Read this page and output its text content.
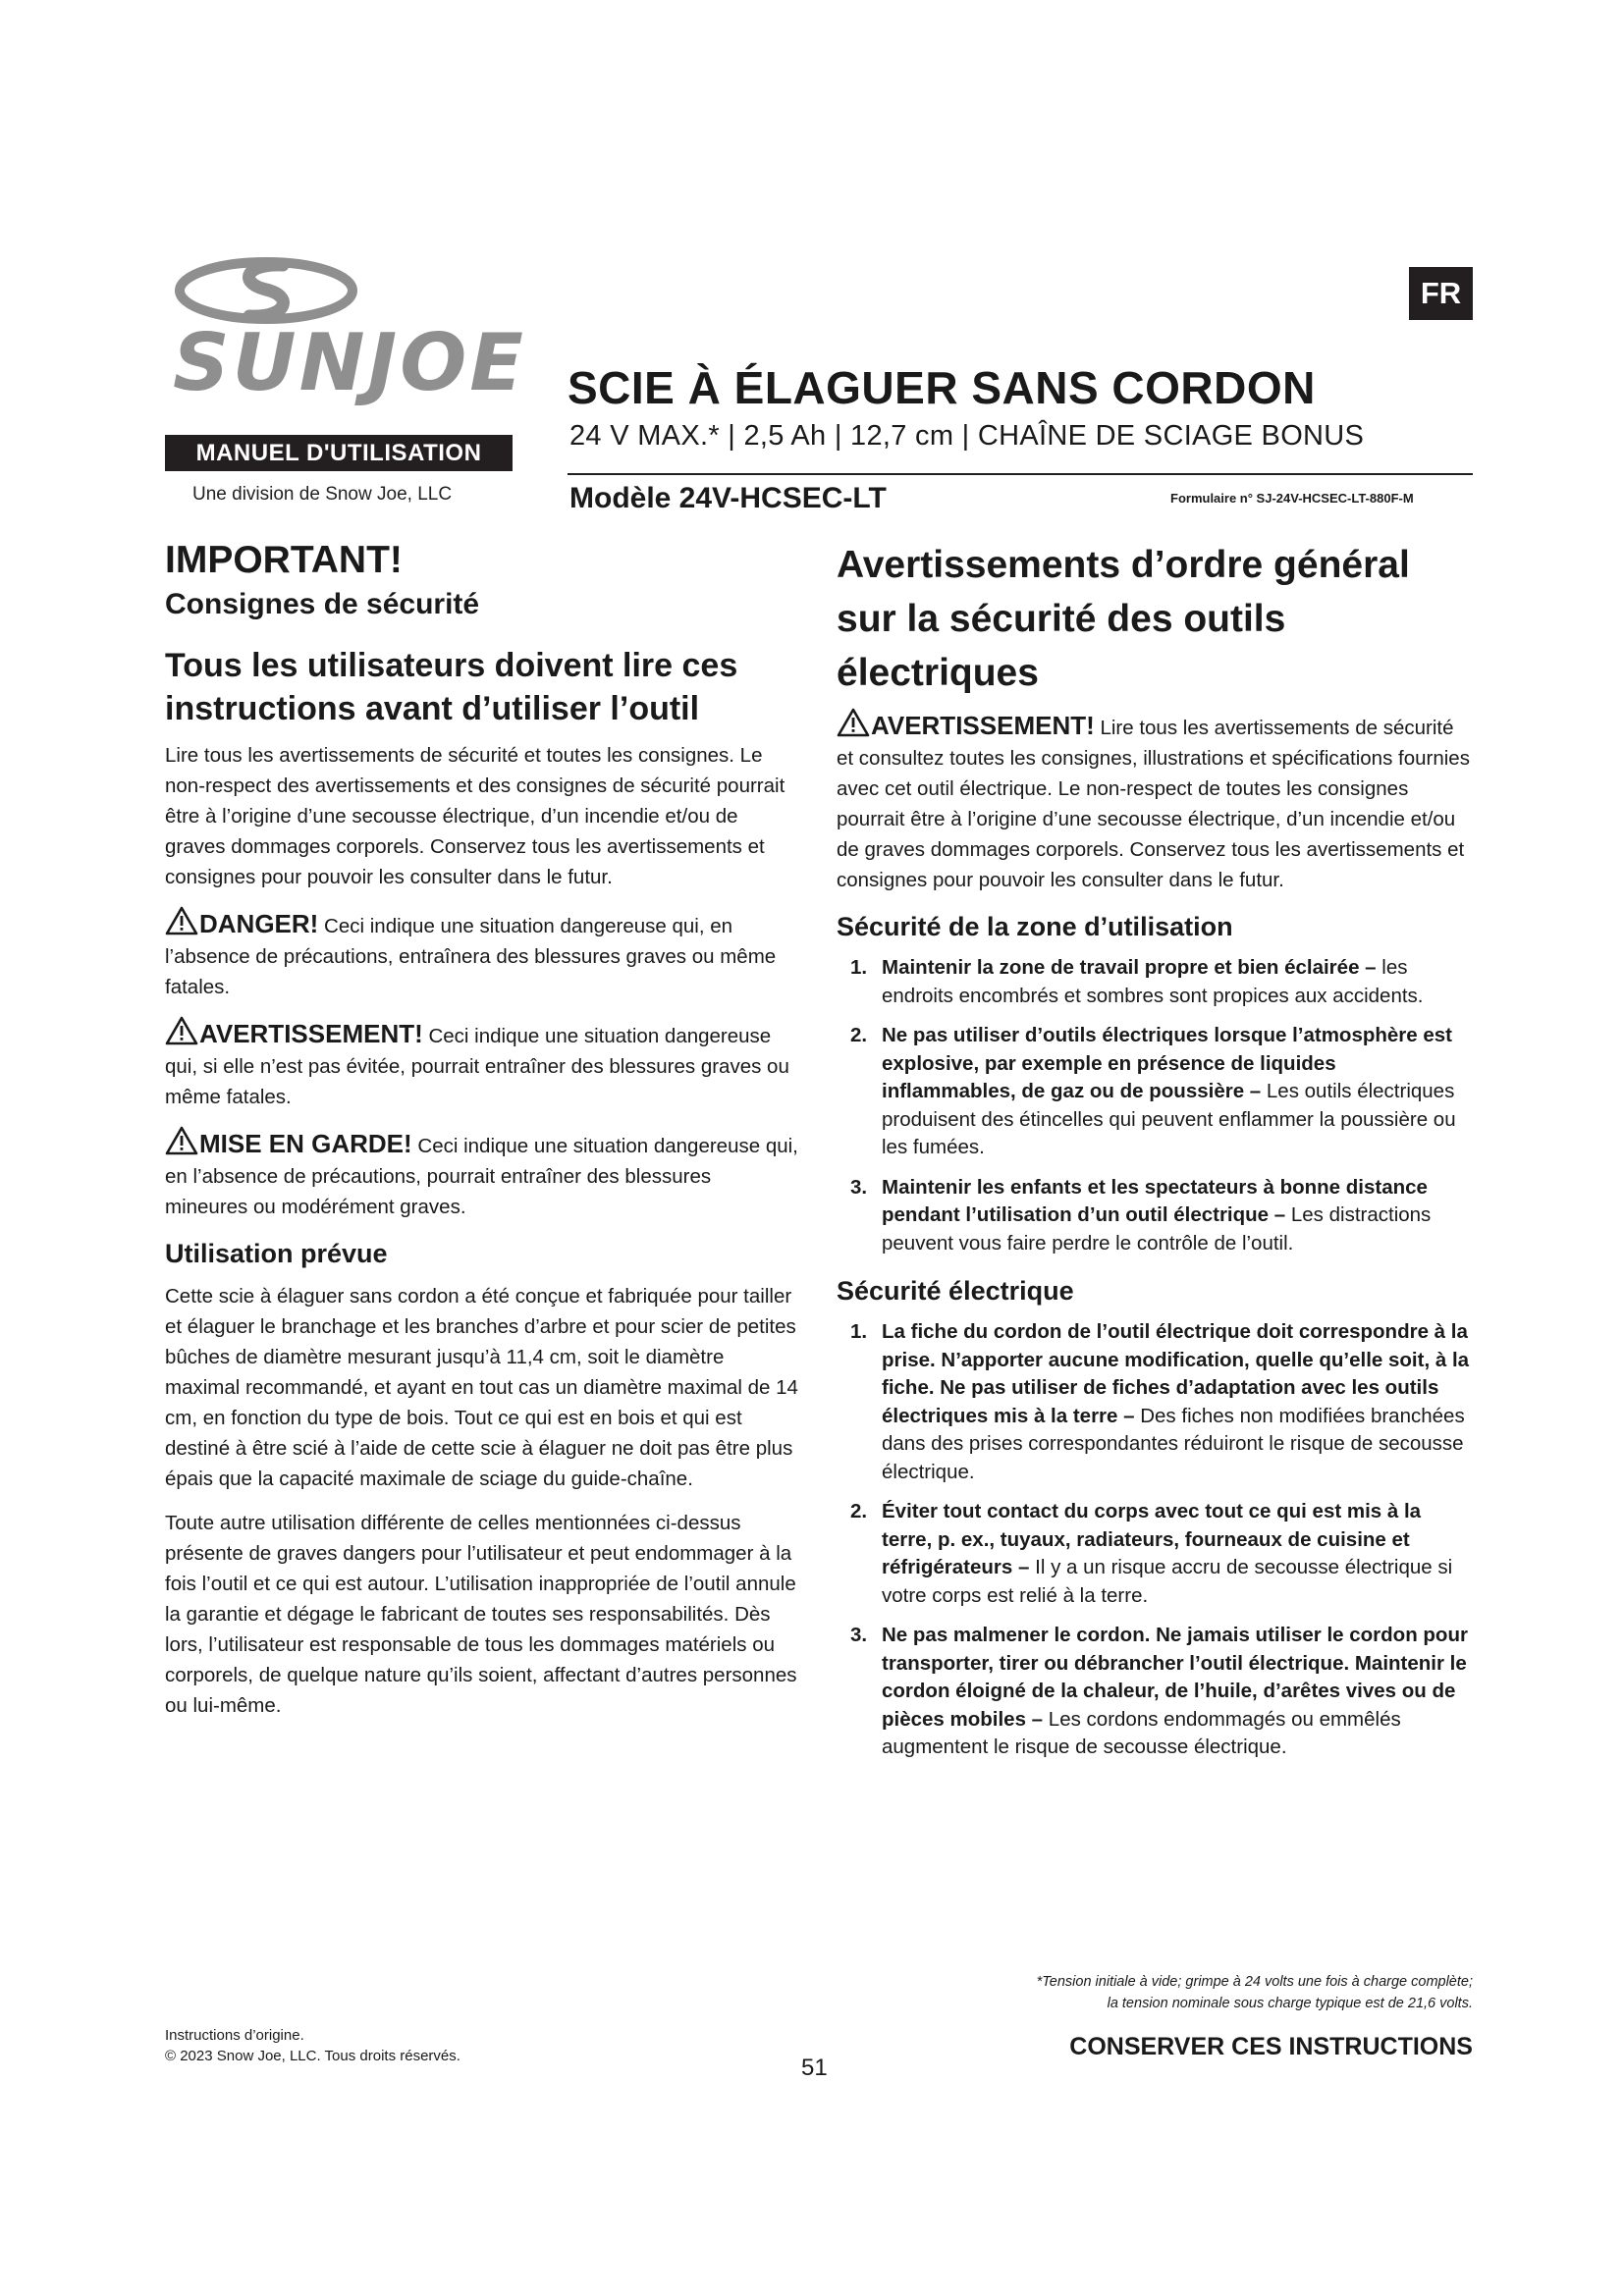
SUNJOE
MANUEL D'UTILISATION
Une division de Snow Joe, LLC
FR
SCIE À ÉLAGUER SANS CORDON
24 V MAX.* | 2,5 Ah | 12,7 cm | CHAÎNE DE SCIAGE BONUS
Modèle 24V-HCSEC-LT	Formulaire n° SJ-24V-HCSEC-LT-880F-M
IMPORTANT!
Consignes de sécurité
Tous les utilisateurs doivent lire ces instructions avant d’utiliser l’outil

Lire tous les avertissements de sécurité et toutes les consignes. Le non-respect des avertissements et des consignes de sécurité pourrait être à l’origine d’une secousse électrique, d’un incendie et/ou de graves dommages corporels. Conservez tous les avertissements et consignes pour pouvoir les consulter dans le futur.

DANGER! Ceci indique une situation dangereuse qui, en l’absence de précautions, entraînera des blessures graves ou même fatales.

AVERTISSEMENT! Ceci indique une situation dangereuse qui, si elle n’est pas évitée, pourrait entraîner des blessures graves ou même fatales.

MISE EN GARDE! Ceci indique une situation dangereuse qui, en l’absence de précautions, pourrait entraîner des blessures mineures ou modérément graves.

Utilisation prévue

Cette scie à élaguer sans cordon a été conçue et fabriquée pour tailler et élaguer le branchage et les branches d’arbre et pour scier de petites bûches de diamètre mesurant jusqu’à 11,4 cm, soit le diamètre maximal recommandé, et ayant en tout cas un diamètre maximal de 14 cm, en fonction du type de bois. Tout ce qui est en bois et qui est destiné à être scié à l’aide de cette scie à élaguer ne doit pas être plus épais que la capacité maximale de sciage du guide-chaîne.

Toute autre utilisation différente de celles mentionnées ci-dessus présente de graves dangers pour l’utilisateur et peut endommager à la fois l’outil et ce qui est autour. L’utilisation inappropriée de l’outil annule la garantie et dégage le fabricant de toutes ses responsabilités. Dès lors, l’utilisateur est responsable de tous les dommages matériels ou corporels, de quelque nature qu’ils soient, affectant d’autres personnes ou lui-même.

Avertissements d’ordre général sur la sécurité des outils électriques

AVERTISSEMENT! Lire tous les avertissements de sécurité et consultez toutes les consignes, illustrations et spécifications fournies avec cet outil électrique. Le non-respect de toutes les consignes pourrait être à l’origine d’une secousse électrique, d’un incendie et/ou de graves dommages corporels. Conservez tous les avertissements et consignes pour pouvoir les consulter dans le futur.

Sécurité de la zone d’utilisation
1. Maintenir la zone de travail propre et bien éclairée – les endroits encombrés et sombres sont propices aux accidents.
2. Ne pas utiliser d’outils électriques lorsque l’atmosphère est explosive, par exemple en présence de liquides inflammables, de gaz ou de poussière – Les outils électriques produisent des étincelles qui peuvent enflammer la poussière ou les fumées.
3. Maintenir les enfants et les spectateurs à bonne distance pendant l’utilisation d’un outil électrique – Les distractions peuvent vous faire perdre le contrôle de l’outil.
Sécurité électrique
1. La fiche du cordon de l’outil électrique doit correspondre à la prise. N’apporter aucune modification, quelle qu’elle soit, à la fiche. Ne pas utiliser de fiches d’adaptation avec les outils électriques mis à la terre – Des fiches non modifiées branchées dans des prises correspondantes réduiront le risque de secousse électrique.
2. Éviter tout contact du corps avec tout ce qui est mis à la terre, p. ex., tuyaux, radiateurs, fourneaux de cuisine et réfrigérateurs – Il y a un risque accru de secousse électrique si votre corps est relié à la terre.
3. Ne pas malmener le cordon. Ne jamais utiliser le cordon pour transporter, tirer ou débrancher l’outil électrique. Maintenir le cordon éloigné de la chaleur, de l’huile, d’arêtes vives ou de pièces mobiles – Les cordons endommagés ou emmêlés augmentent le risque de secousse électrique.
*Tension initiale à vide; grimpe à 24 volts une fois à charge complète;
la tension nominale sous charge typique est de 21,6 volts.
Instructions d’origine.
© 2023 Snow Joe, LLC. Tous droits réservés.	CONSERVER CES INSTRUCTIONS
51
